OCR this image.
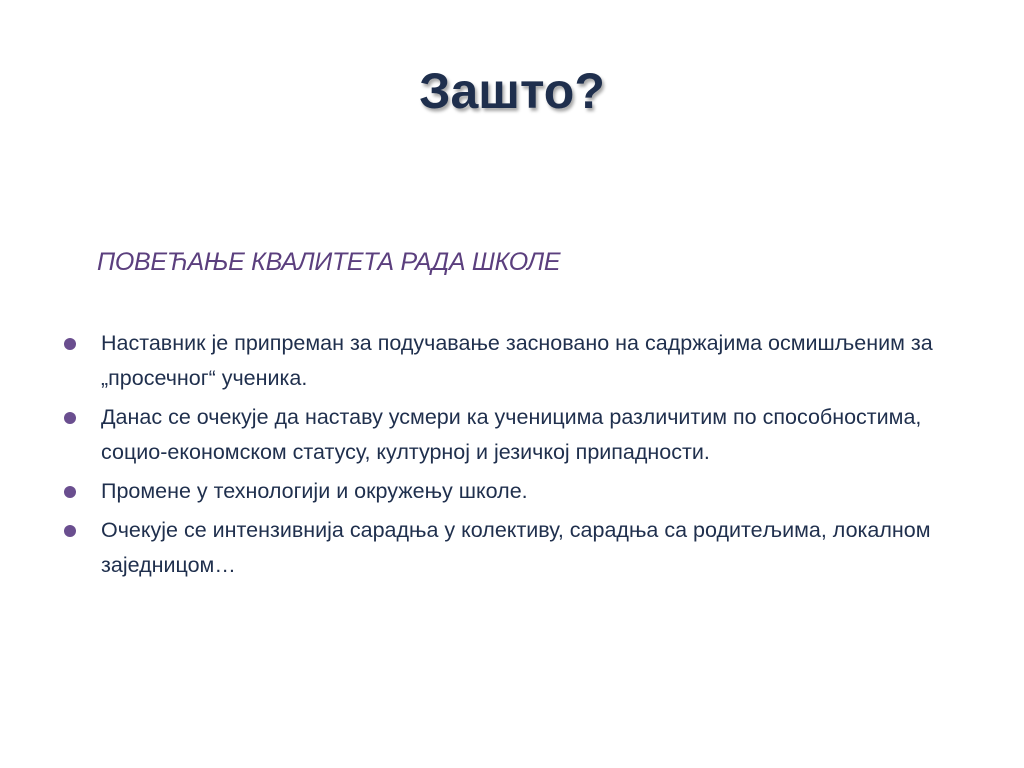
Зашто?

ПОВЕЋАЊЕ КВАЛИТЕТА РАДА ШКОЛЕ

Наставник је припреман за подучавање засновано на садржајима осмишљеним за „просечног“ ученика.
Данас се очекује да наставу усмери ка ученицима различитим по способностима, социо-економском статусу, културној и језичкој припадности.
Промене у технологији и окружењу школе.
Очекује се интензивнија сарадња у колективу, сарадња са родитељима, локалном заједницом…
